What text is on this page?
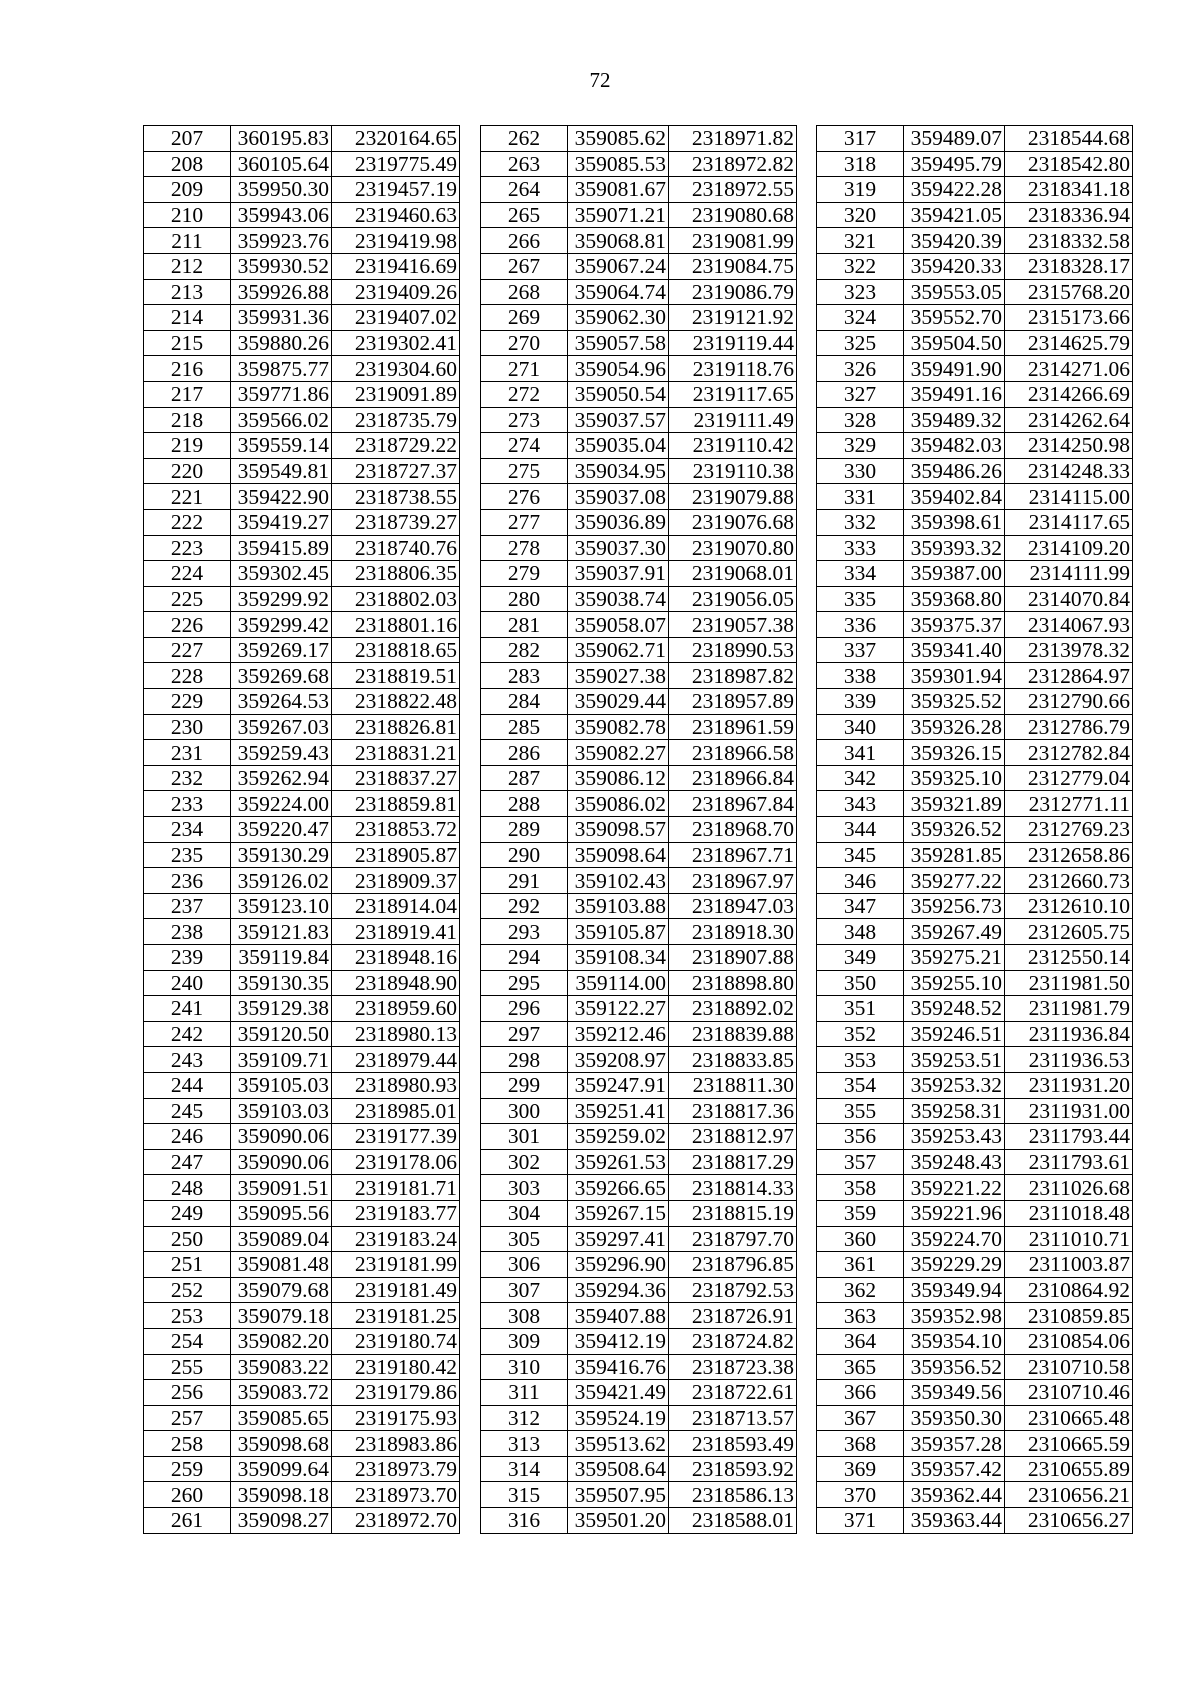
72
207	360195.83	2320164.65
208	360105.64	2319775.49
209	359950.30	2319457.19
210	359943.06	2319460.63
211	359923.76	2319419.98
212	359930.52	2319416.69
213	359926.88	2319409.26
214	359931.36	2319407.02
215	359880.26	2319302.41
216	359875.77	2319304.60
217	359771.86	2319091.89
218	359566.02	2318735.79
219	359559.14	2318729.22
220	359549.81	2318727.37
221	359422.90	2318738.55
222	359419.27	2318739.27
223	359415.89	2318740.76
224	359302.45	2318806.35
225	359299.92	2318802.03
226	359299.42	2318801.16
227	359269.17	2318818.65
228	359269.68	2318819.51
229	359264.53	2318822.48
230	359267.03	2318826.81
231	359259.43	2318831.21
232	359262.94	2318837.27
233	359224.00	2318859.81
234	359220.47	2318853.72
235	359130.29	2318905.87
236	359126.02	2318909.37
237	359123.10	2318914.04
238	359121.83	2318919.41
239	359119.84	2318948.16
240	359130.35	2318948.90
241	359129.38	2318959.60
242	359120.50	2318980.13
243	359109.71	2318979.44
244	359105.03	2318980.93
245	359103.03	2318985.01
246	359090.06	2319177.39
247	359090.06	2319178.06
248	359091.51	2319181.71
249	359095.56	2319183.77
250	359089.04	2319183.24
251	359081.48	2319181.99
252	359079.68	2319181.49
253	359079.18	2319181.25
254	359082.20	2319180.74
255	359083.22	2319180.42
256	359083.72	2319179.86
257	359085.65	2319175.93
258	359098.68	2318983.86
259	359099.64	2318973.79
260	359098.18	2318973.70
261	359098.27	2318972.70
262	359085.62	2318971.82
263	359085.53	2318972.82
264	359081.67	2318972.55
265	359071.21	2319080.68
266	359068.81	2319081.99
267	359067.24	2319084.75
268	359064.74	2319086.79
269	359062.30	2319121.92
270	359057.58	2319119.44
271	359054.96	2319118.76
272	359050.54	2319117.65
273	359037.57	2319111.49
274	359035.04	2319110.42
275	359034.95	2319110.38
276	359037.08	2319079.88
277	359036.89	2319076.68
278	359037.30	2319070.80
279	359037.91	2319068.01
280	359038.74	2319056.05
281	359058.07	2319057.38
282	359062.71	2318990.53
283	359027.38	2318987.82
284	359029.44	2318957.89
285	359082.78	2318961.59
286	359082.27	2318966.58
287	359086.12	2318966.84
288	359086.02	2318967.84
289	359098.57	2318968.70
290	359098.64	2318967.71
291	359102.43	2318967.97
292	359103.88	2318947.03
293	359105.87	2318918.30
294	359108.34	2318907.88
295	359114.00	2318898.80
296	359122.27	2318892.02
297	359212.46	2318839.88
298	359208.97	2318833.85
299	359247.91	2318811.30
300	359251.41	2318817.36
301	359259.02	2318812.97
302	359261.53	2318817.29
303	359266.65	2318814.33
304	359267.15	2318815.19
305	359297.41	2318797.70
306	359296.90	2318796.85
307	359294.36	2318792.53
308	359407.88	2318726.91
309	359412.19	2318724.82
310	359416.76	2318723.38
311	359421.49	2318722.61
312	359524.19	2318713.57
313	359513.62	2318593.49
314	359508.64	2318593.92
315	359507.95	2318586.13
316	359501.20	2318588.01
317	359489.07	2318544.68
318	359495.79	2318542.80
319	359422.28	2318341.18
320	359421.05	2318336.94
321	359420.39	2318332.58
322	359420.33	2318328.17
323	359553.05	2315768.20
324	359552.70	2315173.66
325	359504.50	2314625.79
326	359491.90	2314271.06
327	359491.16	2314266.69
328	359489.32	2314262.64
329	359482.03	2314250.98
330	359486.26	2314248.33
331	359402.84	2314115.00
332	359398.61	2314117.65
333	359393.32	2314109.20
334	359387.00	2314111.99
335	359368.80	2314070.84
336	359375.37	2314067.93
337	359341.40	2313978.32
338	359301.94	2312864.97
339	359325.52	2312790.66
340	359326.28	2312786.79
341	359326.15	2312782.84
342	359325.10	2312779.04
343	359321.89	2312771.11
344	359326.52	2312769.23
345	359281.85	2312658.86
346	359277.22	2312660.73
347	359256.73	2312610.10
348	359267.49	2312605.75
349	359275.21	2312550.14
350	359255.10	2311981.50
351	359248.52	2311981.79
352	359246.51	2311936.84
353	359253.51	2311936.53
354	359253.32	2311931.20
355	359258.31	2311931.00
356	359253.43	2311793.44
357	359248.43	2311793.61
358	359221.22	2311026.68
359	359221.96	2311018.48
360	359224.70	2311010.71
361	359229.29	2311003.87
362	359349.94	2310864.92
363	359352.98	2310859.85
364	359354.10	2310854.06
365	359356.52	2310710.58
366	359349.56	2310710.46
367	359350.30	2310665.48
368	359357.28	2310665.59
369	359357.42	2310655.89
370	359362.44	2310656.21
371	359363.44	2310656.27
